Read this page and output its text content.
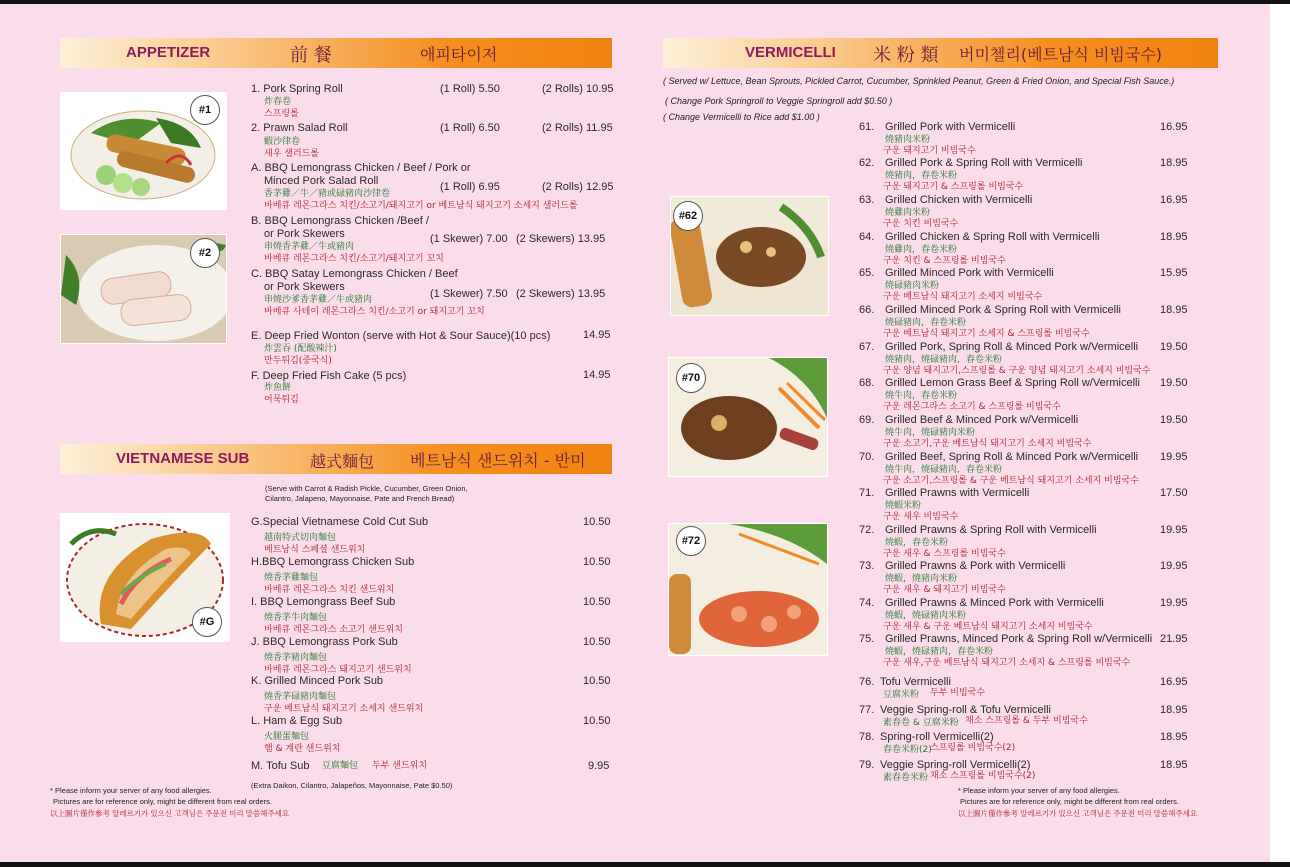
APPETIZER	前 餐	애피타이저
#1
#2
1. Pork Spring Roll
炸春卷
스프링롤
(1 Roll) 5.50	(2 Rolls) 10.95
2. Prawn Salad Roll
蝦沙律卷
새우 샐러드롤
(1 Roll) 6.50	(2 Rolls) 11.95
A. BBQ Lemongrass Chicken / Beef / Pork or
Minced Pork Salad Roll
香茅雞／牛／豬或碌豬肉沙律卷
바베큐 레몬그라스 치킨/소고기/돼지고기 or 베트남식 돼지고기 소세지 샐러드롤
(1 Roll) 6.95	(2 Rolls) 12.95
B. BBQ Lemongrass Chicken /Beef /
or Pork Skewers
串燒香茅雞／牛或豬肉
바베큐 레몬그라스 치킨/소고기/돼지고기 꼬치
(1 Skewer) 7.00 (2 Skewers) 13.95
C. BBQ Satay Lemongrass Chicken / Beef
or Pork Skewers
串燒沙爹香茅雞／牛或豬肉
바베큐 사테이 레몬그라스 치킨/소고기 or 돼지고기 꼬치
(1 Skewer) 7.50 (2 Skewers) 13.95
E. Deep Fried Wonton (serve with Hot & Sour Sauce)(10 pcs)
炸雲吞 (配酸辣汁)
만두튀김(중국식)
14.95
F. Deep Fried Fish Cake (5 pcs)
炸魚餅
어묵튀김
14.95
VIETNAMESE SUB	越式麵包 베트남식 샌드위치 - 반미
(Serve with Carrot & Radish Pickle, Cucumber, Green Onion,
Cilantro, Jalapeno, Mayonnaise, Pate and French Bread)
#G
G.Special Vietnamese Cold Cut Sub
越南特式切肉麵包
베트남식 스페셜 샌드위치
10.50
H.BBQ Lemongrass Chicken Sub
燒香茅雞麵包
바베큐 레몬그라스 치킨 샌드위치
10.50
I. BBQ Lemongrass Beef Sub
燒香茅牛肉麵包
바베큐 레몬그라스 소고기 샌드위치
10.50
J. BBQ Lemongrass Pork Sub
燒香茅豬肉麵包
바베큐 레몬그라스 돼지고기 샌드위치
10.50
K. Grilled Minced Pork Sub
燒香茅碌豬肉麵包
구운 베트남식 돼지고기 소세지 샌드위치
10.50
L. Ham & Egg Sub
火腿蛋麵包
햄 & 계란 샌드위치
10.50
M. Tofu Sub 豆腐麵包 두부 샌드위치	9.95
(Extra Daikon, Cilantro, Jalapeños, Mayonnaise, Pate $0.50)
* Please inform your server of any food allergies.
Pictures are for reference only, might be different from real orders.
以上圖片僅作參考 알레르기가 있으신 고객님은 주문전 미리 말씀해주세요
VERMICELLI 米 粉 類 버미첼리(베트남식 비빔국수)
( Served w/ Lettuce, Bean Sprouts, Pickled Carrot, Cucumber, Sprinkled Peanut, Green & Fried Onion, and Special Fish Sauce.)
( Change Pork Springroll to Veggie Springroll add $0.50 )
( Change Vermicelli to Rice add $1.00 )
#62
#70
#72
61. Grilled Pork with Vermicelli	16.95
燒豬肉米粉
구운 돼지고기 비빔국수
62. Grilled Pork & Spring Roll with Vermicelli	18.95
燒豬肉，春卷米粉
구운 돼지고기 & 스프링롤 비빔국수
63. Grilled Chicken with Vermicelli	16.95
燒雞肉米粉
구운 치킨 비빔국수
64. Grilled Chicken & Spring Roll with Vermicelli	18.95
燒雞肉，春卷米粉
구운 치킨 & 스프링롤 비빔국수
65. Grilled Minced Pork with Vermicelli	15.95
燒碌豬肉米粉
구운 베트남식 돼지고기 소세지 비빔국수
66. Grilled Minced Pork & Spring Roll with Vermicelli	18.95
燒碌豬肉，春卷米粉
구운 베트남식 돼지고기 소세지 & 스프링롤 비빔국수
67. Grilled Pork, Spring Roll & Minced Pork w/Vermicelli 19.50
燒豬肉，燒碌豬肉，春卷米粉
구운 양념 돼지고기,스프링롤 & 구운 양념 돼지고기 소세지 비빔국수
68. Grilled Lemon Grass Beef & Spring Roll w/Vermicelli 19.50
燒牛肉，春卷米粉
구운 레몬그라스 소고기 & 스프링롤 비빔국수
69. Grilled Beef & Minced Pork w/Vermicelli	19.50
燒牛肉，燒碌豬肉米粉
구운 소고기,구운 베트남식 돼지고기 소세지 비빔국수
70. Grilled Beef, Spring Roll & Minced Pork w/Vermicelli 19.95
燒牛肉，燒碌豬肉，春卷米粉
구운 소고기,스프링롤 & 구운 베트남식 돼지고기 소세지 비빔국수
71. Grilled Prawns with Vermicelli	17.50
燒蝦米粉
구운 새우 비빔국수
72. Grilled Prawns & Spring Roll with Vermicelli	19.95
燒蝦，春卷米粉
구운 새우 & 스프링롤 비빔국수
73. Grilled Prawns & Pork with Vermicelli	19.95
燒蝦，燒豬肉米粉
구운 새우 & 돼지고기 비빔국수
74. Grilled Prawns & Minced Pork with Vermicelli	19.95
燒蝦，燒碌豬肉米粉
구운 새우 & 구운 베트남식 돼지고기 소세지 비빔국수
75. Grilled Prawns, Minced Pork & Spring Roll w/Vermicelli 21.95
燒蝦，燒碌豬肉，春卷米粉
구운 새우,구운 베트남식 돼지고기 소세지 & 스프링롤 비빔국수
76. Tofu Vermicelli	16.95
豆腐米粉 두부 비빔국수
77. Veggie Spring-roll & Tofu Vermicelli	18.95
素春卷 & 豆腐米粉 채소 스프링롤 & 두부 비빔국수
78. Spring-roll Vermicelli(2)	18.95
春卷米粉(2)
스프링롤 비빔국수(2)
79. Veggie Spring-roll Vermicelli(2)	18.95
素春卷米粉 채소 스프링롤 비빔국수(2)
* Please inform your server of any food allergies.
Pictures are for reference only, might be different from real orders.
以上圖片僅作參考 알레르기가 있으신 고객님은 주문전 미리 말씀해주세요
